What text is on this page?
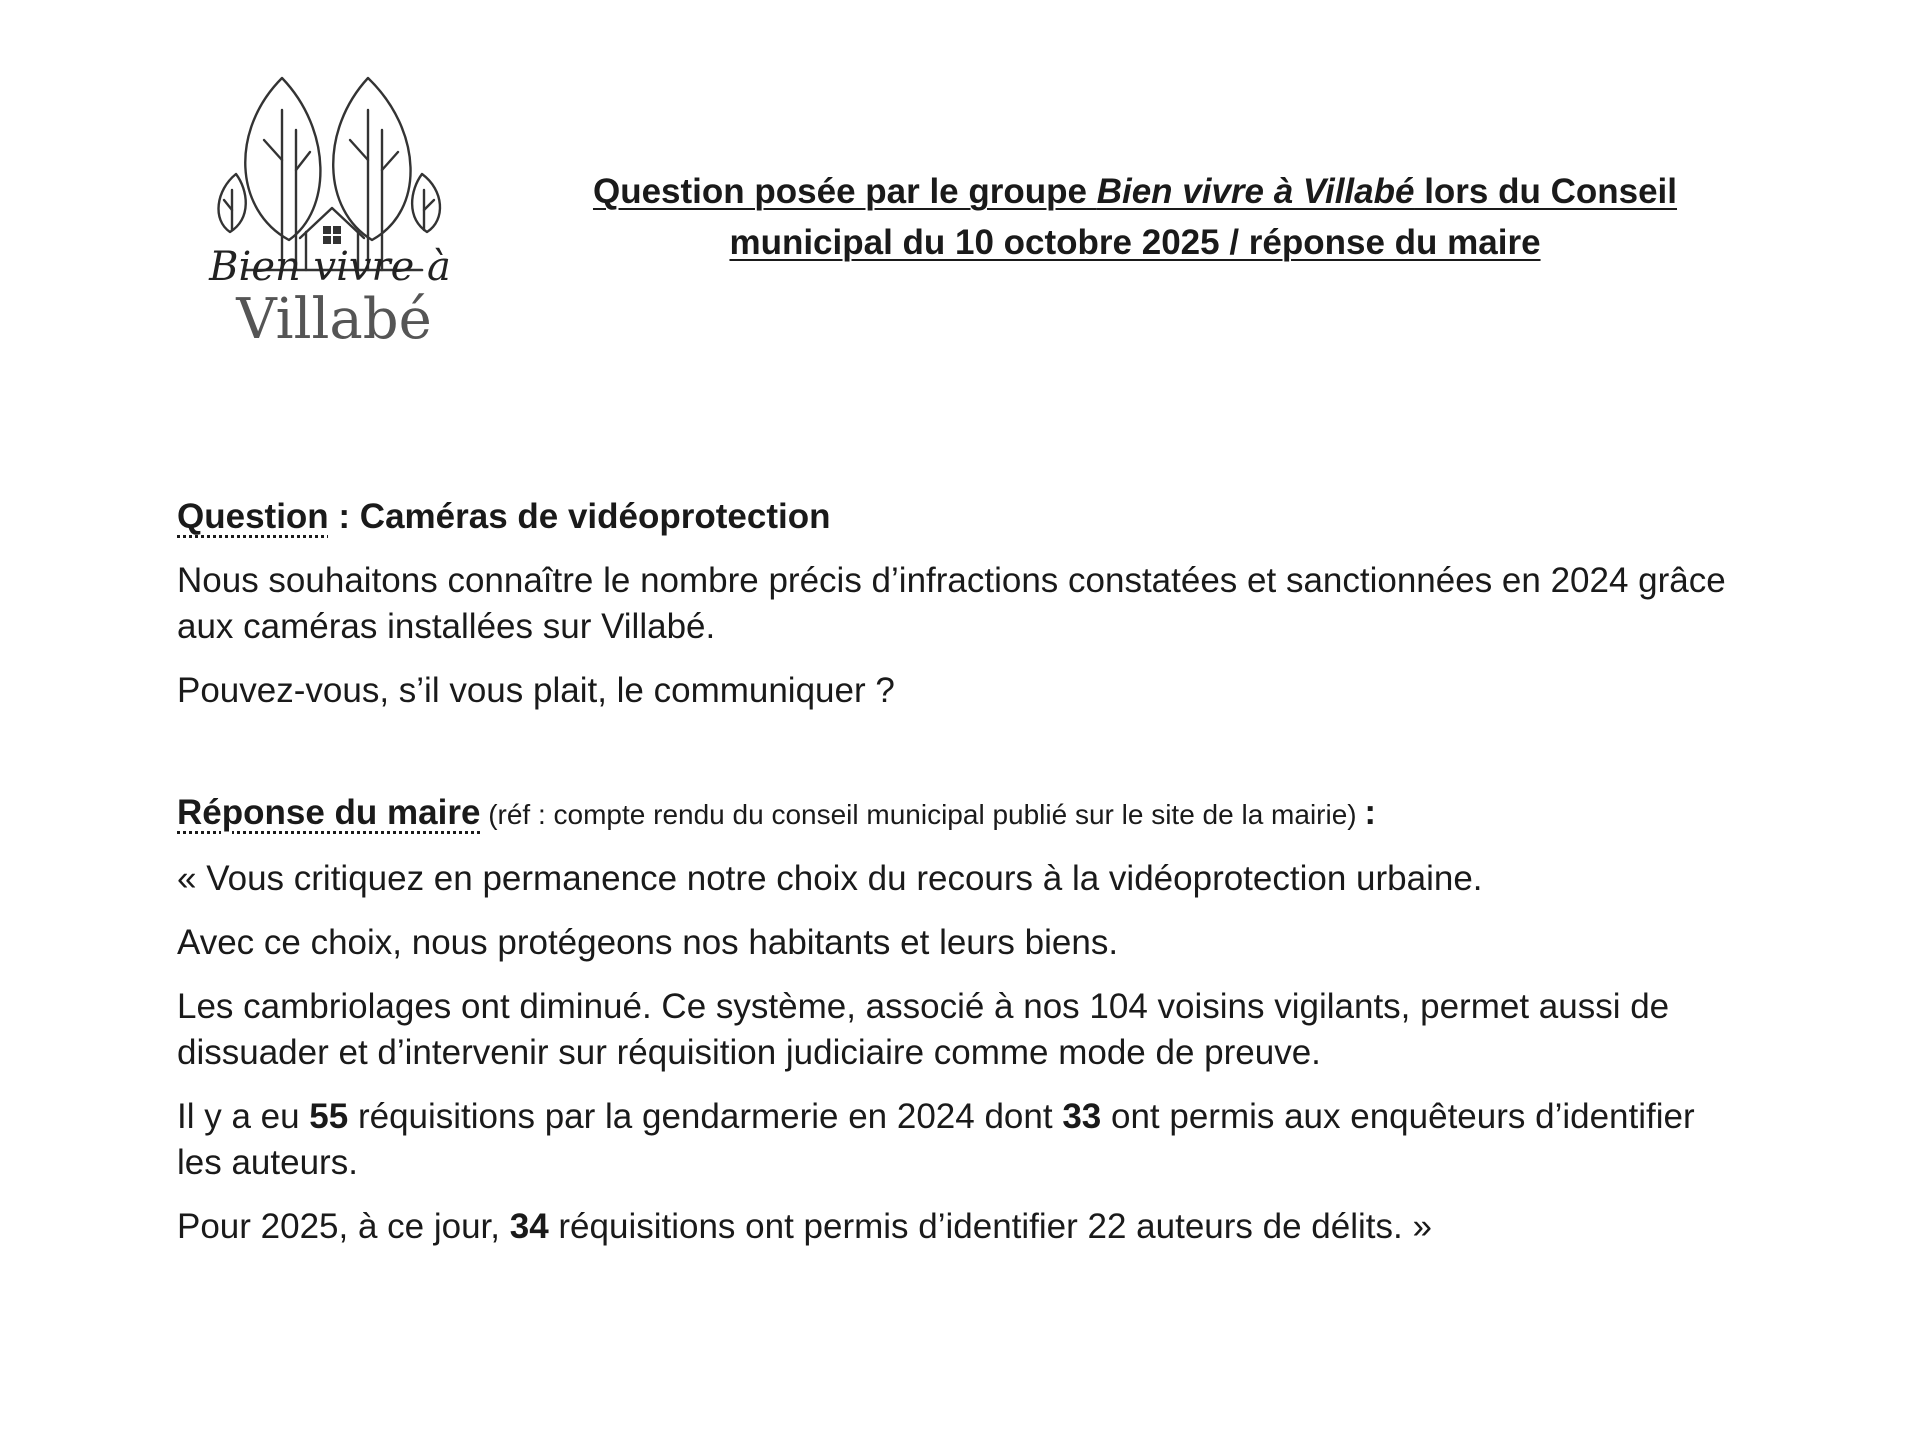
Bien vivre à
Villabé
Question posée par le groupe Bien vivre à Villabé lors du Conseil municipal du 10 octobre 2025 / réponse du maire

Question : Caméras de vidéoprotection

Nous souhaitons connaître le nombre précis d’infractions constatées et sanctionnées en 2024 grâce aux caméras installées sur Villabé.

Pouvez-vous, s’il vous plait, le communiquer ?

Réponse du maire (réf : compte rendu du conseil municipal publié sur le site de la mairie) :

« Vous critiquez en permanence notre choix du recours à la vidéoprotection urbaine.

Avec ce choix, nous protégeons nos habitants et leurs biens.

Les cambriolages ont diminué. Ce système, associé à nos 104 voisins vigilants, permet aussi de dissuader et d’intervenir sur réquisition judiciaire comme mode de preuve.

Il y a eu 55 réquisitions par la gendarmerie en 2024 dont 33 ont permis aux enquêteurs d’identifier les auteurs.

Pour 2025, à ce jour, 34 réquisitions ont permis d’identifier 22 auteurs de délits. »
